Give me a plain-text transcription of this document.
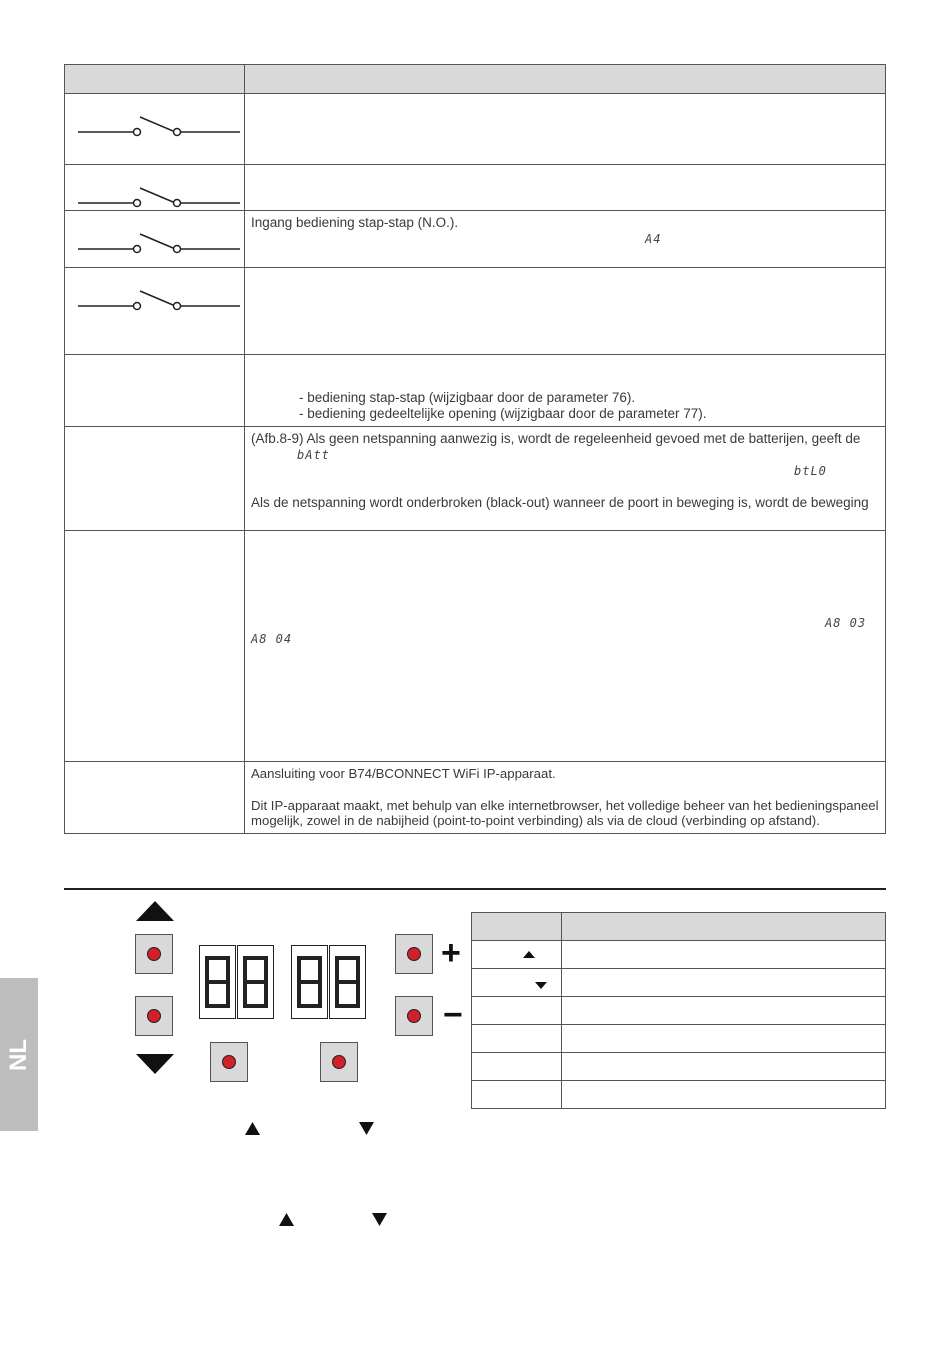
Ingang bediening stap-stap (N.O.).
A4

	- bediening stap-stap (wijzigbaar door de parameter 76).
- bediening gedeeltelijke opening (wijzigbaar door de parameter 77).

	(Afb.8-9) Als geen netspanning aanwezig is, wordt de regeleenheid gevoed met de batterijen, geeft de
bAtt
btL0
Als de netspanning wordt onderbroken (black-out) wanneer de poort in beweging is, wordt de beweging

	A8 03
A8 04

	Aansluiting voor B74/BCONNECT WiFi IP-apparaat.
Dit IP-apparaat maakt, met behulp van elke internetbrowser, het volledige beheer van het bedieningspaneel
mogelijk, zowel in de nabijheid (point-to-point verbinding) als via de cloud (verbinding op afstand).
NL
+
−
